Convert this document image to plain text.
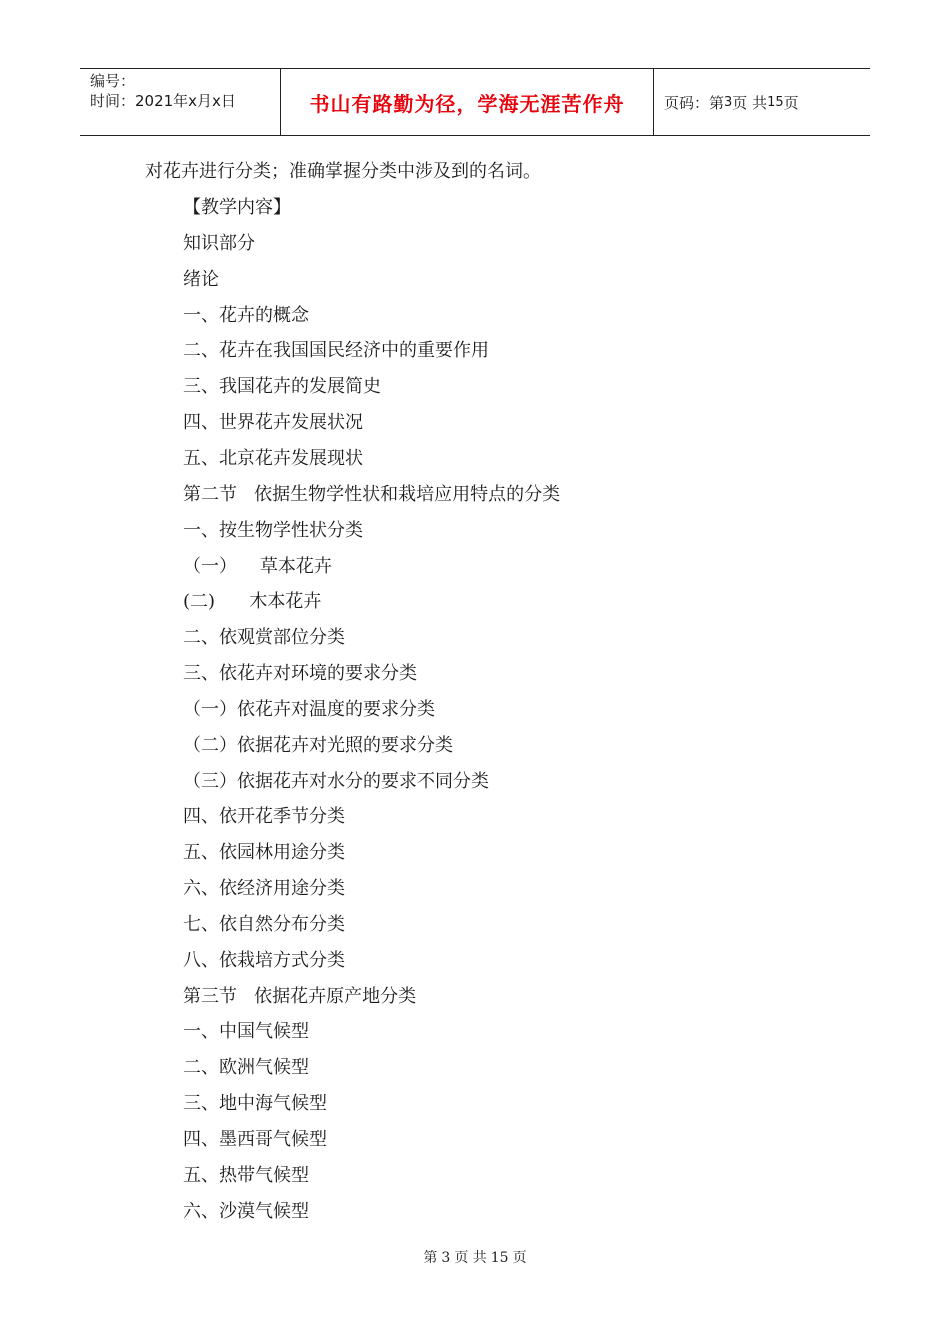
编号：
时间：2021年x月x日	书山有路勤为径，学海无涯苦作舟	页码：第 3 页 共 15 页
对花卉进行分类；准确掌握分类中涉及到的名词。
【教学内容】
知识部分
绪论
一、花卉的概念
二、花卉在我国国民经济中的重要作用
三、我国花卉的发展简史
四、世界花卉发展状况
五、北京花卉发展现状
第二节   依据生物学性状和栽培应用特点的分类
一、按生物学性状分类
（一）    草本花卉
(二)      木本花卉
二、依观赏部位分类
三、依花卉对环境的要求分类
（一）依花卉对温度的要求分类
（二）依据花卉对光照的要求分类
（三）依据花卉对水分的要求不同分类
四、依开花季节分类
五、依园林用途分类
六、依经济用途分类
七、依自然分布分类
八、依栽培方式分类
第三节   依据花卉原产地分类
一、中国气候型
二、欧洲气候型
三、地中海气候型
四、墨西哥气候型
五、热带气候型
六、沙漠气候型
第 3 页 共 15 页
